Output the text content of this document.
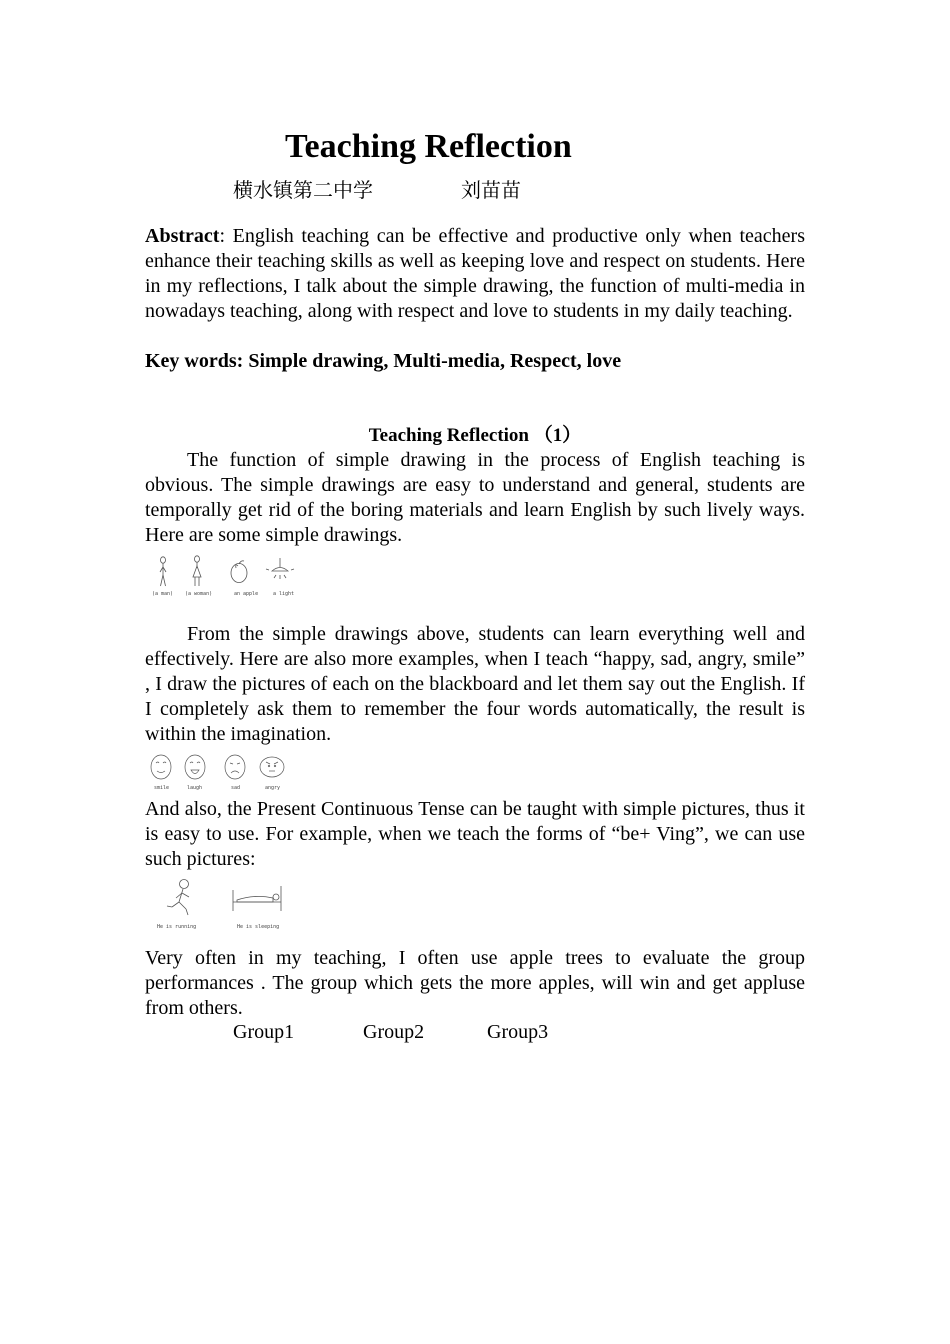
Teaching Reflection
横水镇第二中学	刘苗苗
Abstract: English teaching can be effective and productive only when teachers enhance their teaching skills as well as keeping love and respect on students. Here in my reflections, I talk about the simple drawing, the function of multi-media in nowadays teaching, along with respect and love to students in my daily teaching.
Key words: Simple drawing, Multi-media, Respect, love
Teaching Reflection （1）
The function of simple drawing in the process of English teaching is obvious. The simple drawings are easy to understand and general, students are temporally get rid of the boring materials and learn English by such lively ways. Here are some simple drawings.
(a man) (a woman)	an apple	a light
From the simple drawings above, students can learn everything well and effectively. Here are also more examples, when I teach “happy, sad, angry, smile” , I draw the pictures of each on the blackboard and let them say out the English. If I completely ask them to remember the four words automatically, the result is within the imagination.
smile	laugh	sad	angry
And also, the Present Continuous Tense can be taught with simple pictures, thus it is easy to use. For example, when we teach the forms of “be+ Ving”, we can use such pictures:
He is running	He is sleeping
Very often in my teaching, I often use apple trees to evaluate the group performances . The group which gets the more apples, will win and get appluse from others.
Group1	Group2	Group3
